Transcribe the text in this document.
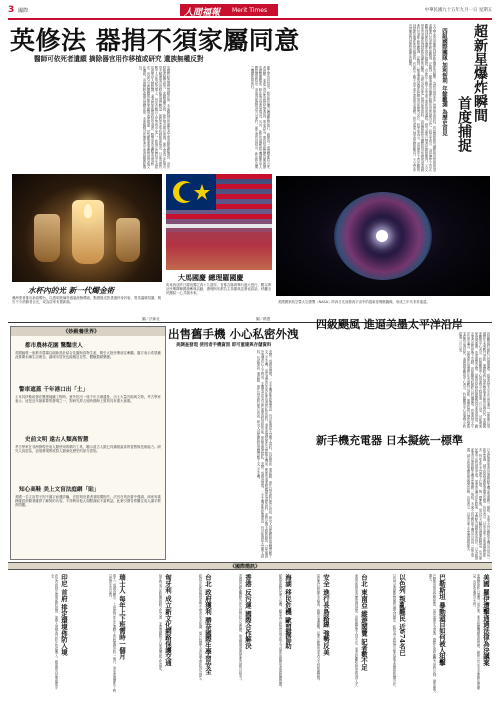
3 國際	人間福報 Merit Times	中華民國九十五年九月一日 星期五
英修法 器捐不須家屬同意
醫師可依死者遺願 摘除器官用作移植或研究 遺族無權反對
英國將修改器官捐贈法律，未來醫師可依據死者生前意願摘除器官，用於移植或醫學研究，家屬無權反對。新法預計明年實施，衛生部表示此舉可望大幅增加可供移植的器官數量，拯救更多等待移植的病患。目前英國有數千人在等候名單上，每年有數百人在等待中死亡。新規定也將禁止未經同意保存人體組織，違者將面臨罰款甚至刑責。醫學界普遍歡迎這項修法，但部分宗教團體與病患家屬則表達疑慮，認為應尊重遺族的感受與文化傳統。英國將修改器官捐贈法律，未來醫師可依據死者生前意願摘除器官。	衛生部官員指出，新法將由獨立機構監督執行，確保每一項捐贈都符合死者意願，並建立登記系統供民眾查詢。專家認為，器官短缺問題長期困擾英國醫療體系，修法後可望改善現況。另外，新法也規範研究機構使用人體組織的程序，須取得明確同意方可進行。衛生部官員指出，新法將由獨立機構監督執行。	超新星爆炸瞬間
首度捕捉
四組國際團隊 加利智利 年餘觀測 為歷史首見
天文學家首度捕捉到超新星爆炸的瞬間，為研究恆星死亡提供珍貴資料。四組國際研究團隊利用智利的望遠鏡進行長達年餘的觀測，記錄到一顆遙遠恆星爆炸時釋放出的強烈光芒。科學家表示，這是歷史上首次觀察到超新星爆炸的初始階段，有助於了解宇宙中重元素的形成過程。研究成果已發表於國際期刊。天文學家首度捕捉到超新星爆炸的瞬間，為研究恆星死亡提供珍貴資料。四組國際研究團隊利用智利的望遠鏡進行長達年餘的觀測，記錄到一顆遙遠恆星爆炸時釋放出的強烈光芒。科學家表示，這是歷史上首次觀察到超新星爆炸的初始階段，有助於了解宇宙中重元素的形成過程。研究成果已發表於國際期刊。天文學家首度捕捉到超新星爆炸的瞬間。
水杯內的光 新一代燭金術
澳洲業者推出新款燭台，以透明玻璃杯盛裝液態燭油，點燃後光影透過杯身折射，營造溫暖氛圍，吸引不少消費者目光，成為居家布置新寵。
圖／法新社
大馬國慶 總理羅國慶
馬來西亞昨日慶祝獨立四十九週年，首都吉隆坡舉行盛大遊行，數以萬計民眾揮舞國旗參與活動，總理阿布都拉主持慶典並發表談話，呼籲全民團結一心共創未來。
圖／路透
美國國家航空暨太空總署（NASA）昨四日先前發表宇宙中的超新星殘骸圖像，形成之年代非常遙遠。
《妙殿養世界》
都市農林花園 驚豔世人
英國倫敦一座都市農場以創新設計結合花園與食物生產，吸引大批民眾前往參觀。園方表示希望藉此推廣永續生活理念，讓城市居民也能親近自然、體驗農耕樂趣。
警車遮蓋 千年港口出「土」
土耳其伊斯坦堡在興建地鐵工程時，意外挖出一座千年古港遺址，出土大量沉船與文物。考古學家表示，這是近年最重要的發現之一，對研究拜占庭時期海上貿易具有重大意義。
史前文明 遠古人類高智慧
考古學家在非洲發現史前人類使用的精巧工具，顯示遠古人類已具備相當高的智慧與技術能力。研究人員認為，這項發現將改寫人類演化歷史的部分認知。
知心高鞋 美上文盲法庭網「貼」
美國一名文盲男子因不識字而遭詐騙，法院判決業者須賠償損失。法官在判決書中強調，商家有義務確認消費者確實了解契約內容，不得利用他人弱點謀取不當利益。此案引發各界關注成人識字教育問題。
出售舊手機 小心私密外洩
美調查發現 使用者手機資訊 即可重建與存儲資料
美國一項調查發現，二手手機即使經過重設，仍可能殘留大量個人資料，包括簡訊、通訊錄、照片甚至銀行帳戶資訊。研究人員從網路拍賣購買數十支二手手機，成功還原許多前任使用者的私密資料。專家建議民眾在出售舊手機前，應使用專業軟體徹底清除資料，或將記憶卡移除銷毀，以免個資外洩遭有心人士利用。手機業者也表示將加強資料清除功能，保障消費者隱私。美國一項調查發現，二手手機即使經過重設，仍可能殘留大量個人資料，包括簡訊、通訊錄、照片甚至銀行帳戶資訊。研究人員從網路拍賣購買數十支二手手機。
四級颶風 進逼美墨太平洋沿岸
四級颶風約翰昨日持續增強，向墨西哥太平洋沿岸逼近，氣象單位預測將在未來數日登陸，墨國政府已發布警報並疏散沿海居民。美國國家颶風中心表示，約翰颶風中心風速每小時超過二百公里，可能帶來豪雨與暴潮，造成嚴重災情。當地居民紛紛搶購物資並加固房屋，觀光業者也暫停海上活動。四級颶風約翰昨日持續增強，向墨西哥太平洋沿岸逼近，氣象單位預測將在未來數日登陸，墨國政府已發布警報並疏散沿海居民。美國國家颶風中心表示，約翰颶風中心風速每小時超過二百公里。
新手機充電器 日本擬統一標準
日本經濟產業省計畫推動手機充電器統一規格，未來不同品牌的手機可共用同一款充電器，減少資源浪費與消費者負擔。官員表示，目前市面上充電器規格繁多，每年產生大量電子垃圾。統一標準後，預計可大幅降低廢棄物數量，也方便民眾外出時借用充電。業界普遍支持此政策，並將配合調整產品設計。日本經濟產業省計畫推動手機充電器統一規格，未來不同品牌的手機可共用同一款充電器，減少資源浪費與消費者負擔。官員表示，目前市面上充電器規格繁多。
《國際簡訊》
美國 羅伊遭擊通過法律為決議案
美國國會昨日通過一項法案，要求相關機構加強管理，確保公共安全並保障民眾權益，各界普遍表示支持。
巴勒斯坦 暴動頭目如何被人狙擊
巴勒斯坦地區局勢緊張，當局加強安全部署，國際社會呼籲雙方保持克制，避免衝突擴大。
以色列 叛亂難民 近674名已
以色列安置難民問題持續受到關注，政府表示將提供必要協助並與國際組織合作。
台北 東南亞 縱遊閣覽 記者數不足
東南亞旅遊業近期蓬勃發展，但相關從業人員不足，業者呼籲政府協助培訓人才。
安全 進行長島路線 強勢反美
當局進行路線安全檢查，確保交通順暢，民眾反應熱烈並表示支持相關措施。
海湖 移民危機 歐盟擬協助
歐洲面臨移民湧入危機，歐盟表示將提供資金與人力協助前線國家處理相關問題。
香港 反污運 國際合作解決
香港當局呼籲國際合作共同對抗污染問題，強調環境保護需要各國共同努力。
台北 政府獲利 勝奈國際生學習安全
政府宣布新措施協助學生學習安全知識，提升校園安全意識並預防意外發生。
匈牙利 成立新文化網路保護交通
匈牙利成立新組織推動文化交流，並透過網路平台保護傳統文化資產。
瑞士人 每年上下班需時一個月
瑞士一項調查顯示，上班族每年花在通勤上的時間總計約一個月，專家建議彈性工時以改善生活品質。
印尼 首府 排定環境佈防入境
印尼首府排定環境佈防措施，加強入境檢查以防止疫病傳入，確保國內民眾健康安全。
